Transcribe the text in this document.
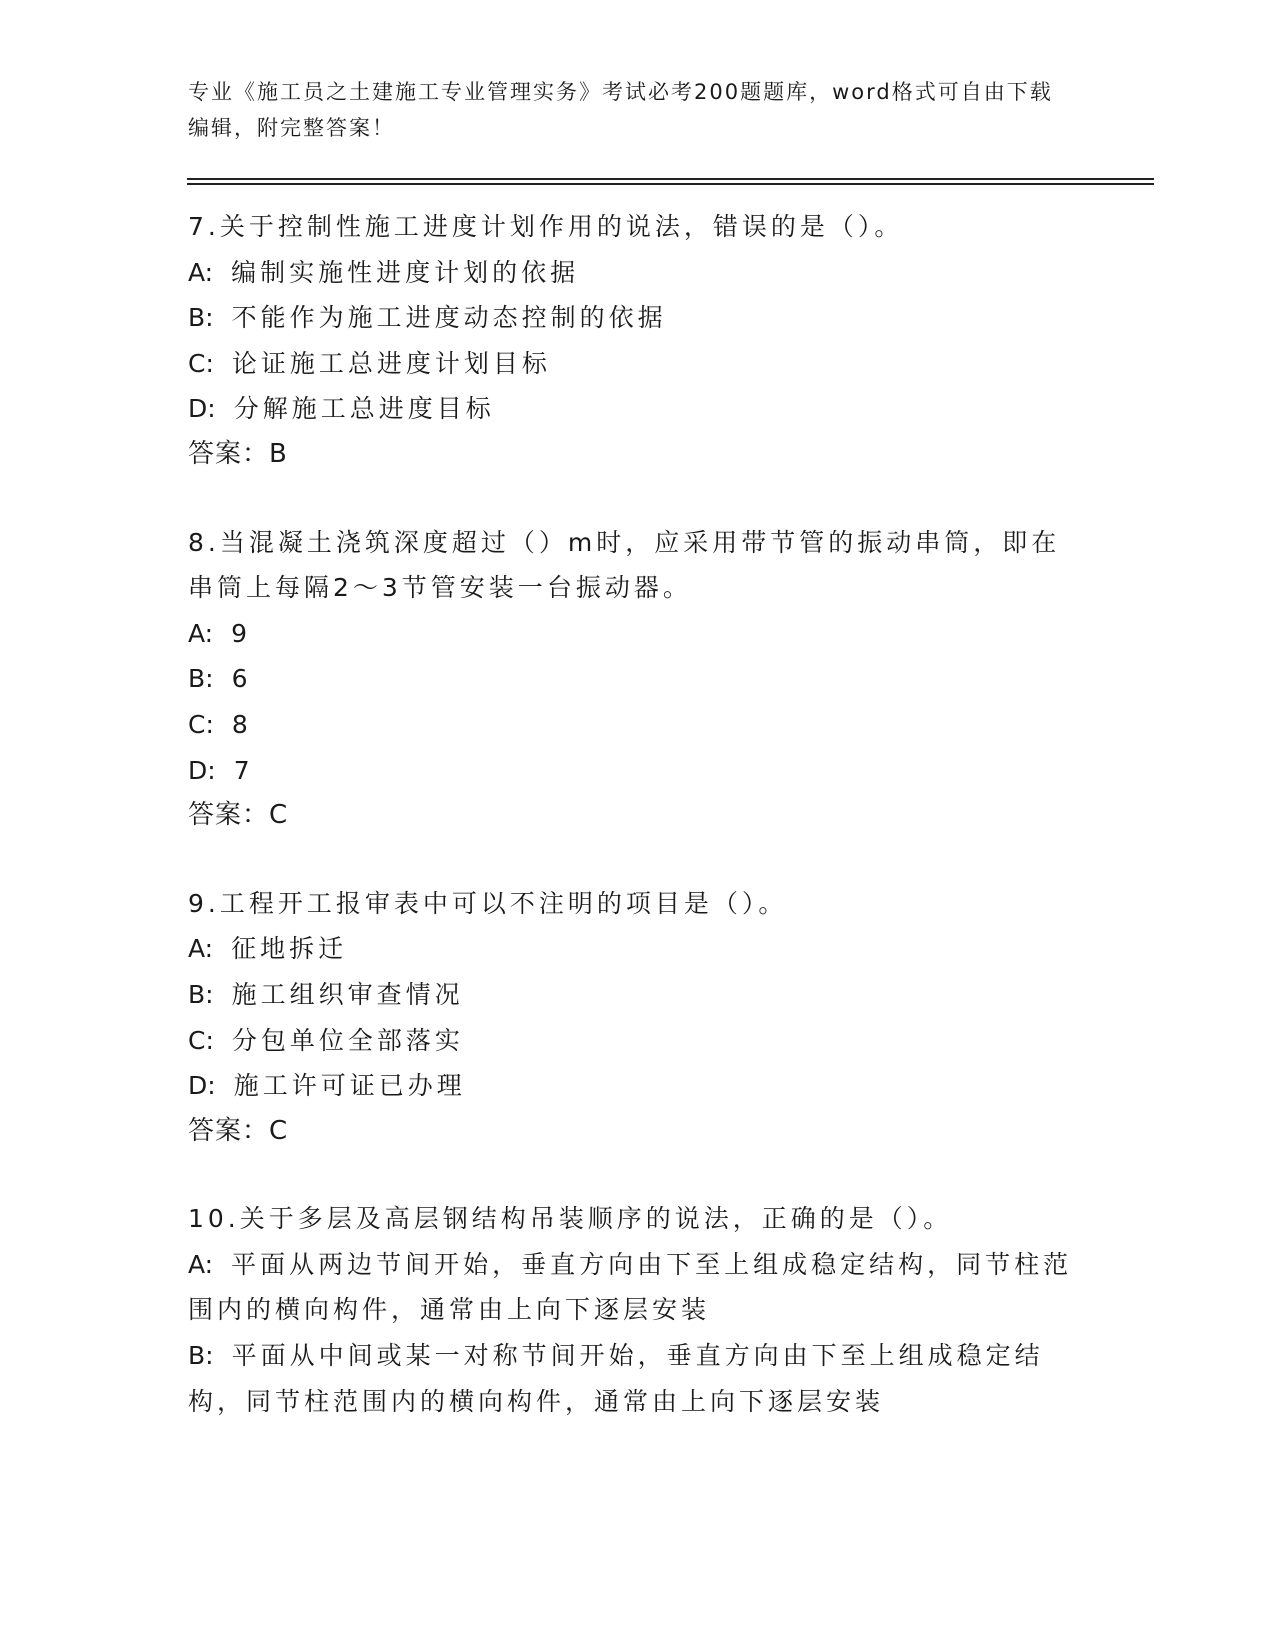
专业《施工员之土建施工专业管理实务》考试必考200题题库，word格式可自由下载编辑，附完整答案！
7.关于控制性施工进度计划作用的说法，错误的是（）。
A: 编制实施性进度计划的依据
B: 不能作为施工进度动态控制的依据
C: 论证施工总进度计划目标
D: 分解施工总进度目标
答案：B
8.当混凝土浇筑深度超过（）m时，应采用带节管的振动串筒，即在串筒上每隔2～3节管安装一台振动器。
A: 9
B: 6
C: 8
D: 7
答案：C
9.工程开工报审表中可以不注明的项目是（）。
A: 征地拆迁
B: 施工组织审查情况
C: 分包单位全部落实
D: 施工许可证已办理
答案：C
10.关于多层及高层钢结构吊装顺序的说法，正确的是（）。
A: 平面从两边节间开始，垂直方向由下至上组成稳定结构，同节柱范围内的横向构件，通常由上向下逐层安装
B: 平面从中间或某一对称节间开始，垂直方向由下至上组成稳定结构，同节柱范围内的横向构件，通常由上向下逐层安装
